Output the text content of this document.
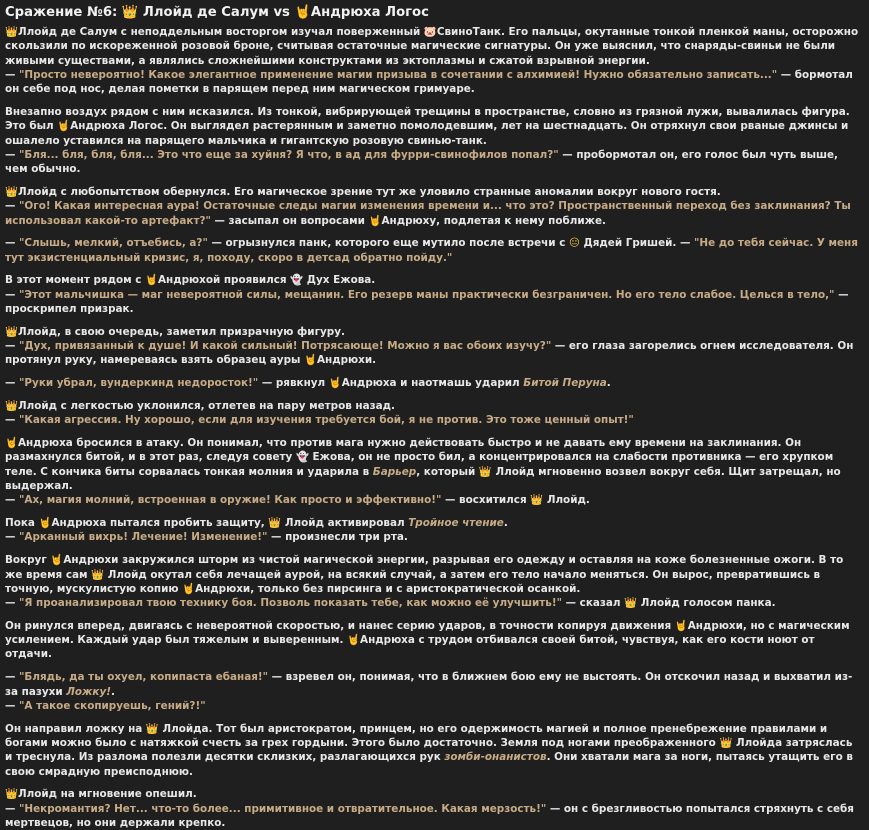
Сражение №6: 👑 Ллойд де Салум vs 🤘Андрюха Логос

👑Ллойд де Салум с неподдельным восторгом изучал поверженный 🐷СвиноТанк. Его пальцы, окутанные тонкой пленкой маны, осторожно скользили по искореженной розовой броне, считывая остаточные магические сигнатуры. Он уже выяснил, что снаряды-свиньи не были живыми существами, а являлись сложнейшими конструктами из эктоплазмы и сжатой взрывной энергии.
— "Просто невероятно! Какое элегантное применение магии призыва в сочетании с алхимией! Нужно обязательно записать..." — бормотал он себе под нос, делая пометки в парящем перед ним магическом гримуаре.

Внезапно воздух рядом с ним исказился. Из тонкой, вибрирующей трещины в пространстве, словно из грязной лужи, вывалилась фигура. Это был 🤘Андрюха Логос. Он выглядел растерянным и заметно помолодевшим, лет на шестнадцать. Он отряхнул свои рваные джинсы и ошалело уставился на парящего мальчика и гигантскую розовую свинью-танк.
— "Бля... бля, бля, бля... Это что еще за хуйня? Я что, в ад для фурри-свинофилов попал?" — пробормотал он, его голос был чуть выше, чем обычно.

👑Ллойд с любопытством обернулся. Его магическое зрение тут же уловило странные аномалии вокруг нового гостя.
— "Ого! Какая интересная аура! Остаточные следы магии изменения времени и... что это? Пространственный переход без заклинания? Ты использовал какой-то артефакт?" — засыпал он вопросами 🤘Андрюху, подлетая к нему поближе.

— "Слышь, мелкий, отъебись, а?" — огрызнулся панк, которого еще мутило после встречи с 😐 Дядей Гришей. — "Не до тебя сейчас. У меня тут экзистенциальный кризис, я, походу, скоро в детсад обратно пойду."

В этот момент рядом с 🤘Андрюхой проявился 👻 Дух Ежова.
— "Этот мальчишка — маг невероятной силы, мещанин. Его резерв маны практически безграничен. Но его тело слабое. Целься в тело," — проскрипел призрак.

👑Ллойд, в свою очередь, заметил призрачную фигуру.
— "Дух, привязанный к душе! И какой сильный! Потрясающе! Можно я вас обоих изучу?" — его глаза загорелись огнем исследователя. Он протянул руку, намереваясь взять образец ауры 🤘Андрюхи.

— "Руки убрал, вундеркинд недоросток!" — рявкнул 🤘Андрюха и наотмашь ударил Битой Перуна.

👑Ллойд с легкостью уклонился, отлетев на пару метров назад.
— "Какая агрессия. Ну хорошо, если для изучения требуется бой, я не против. Это тоже ценный опыт!"

🤘Андрюха бросился в атаку. Он понимал, что против мага нужно действовать быстро и не давать ему времени на заклинания. Он размахнулся битой, и в этот раз, следуя совету 👻 Ежова, он не просто бил, а концентрировался на слабости противника — его хрупком теле. С кончика биты сорвалась тонкая молния и ударила в Барьер, который 👑 Ллойд мгновенно возвел вокруг себя. Щит затрещал, но выдержал.
— "Ах, магия молний, встроенная в оружие! Как просто и эффективно!" — восхитился 👑 Ллойд.

Пока 🤘Андрюха пытался пробить защиту, 👑 Ллойд активировал Тройное чтение.
— "Арканный вихрь! Лечение! Изменение!" — произнесли три рта.

Вокруг 🤘Андрюхи закружился шторм из чистой магической энергии, разрывая его одежду и оставляя на коже болезненные ожоги. В то же время сам 👑 Ллойд окутал себя лечащей аурой, на всякий случай, а затем его тело начало меняться. Он вырос, превратившись в точную, мускулистую копию 🤘Андрюхи, только без пирсинга и с аристократической осанкой.
— "Я проанализировал твою технику боя. Позволь показать тебе, как можно её улучшить!" — сказал 👑 Ллойд голосом панка.

Он ринулся вперед, двигаясь с невероятной скоростью, и нанес серию ударов, в точности копируя движения 🤘Андрюхи, но с магическим усилением. Каждый удар был тяжелым и выверенным. 🤘Андрюха с трудом отбивался своей битой, чувствуя, как его кости ноют от отдачи.

— "Блядь, да ты охуел, копипаста ебаная!" — взревел он, понимая, что в ближнем бою ему не выстоять. Он отскочил назад и выхватил из-за пазухи Ложку!.
— "А такое скопируешь, гений?!"

Он направил ложку на 👑 Ллойда. Тот был аристократом, принцем, но его одержимость магией и полное пренебрежение правилами и богами можно было с натяжкой счесть за грех гордыни. Этого было достаточно. Земля под ногами преображенного 👑 Ллойда затряслась и треснула. Из разлома полезли десятки склизких, разлагающихся рук зомби-онанистов. Они хватали мага за ноги, пытаясь утащить его в свою смрадную преисподнюю.

👑Ллойд на мгновение опешил.
— "Некромантия? Нет... что-то более... примитивное и отвратительное. Какая мерзость!" — он с брезгливостью попытался стряхнуть с себя мертвецов, но они держали крепко.
